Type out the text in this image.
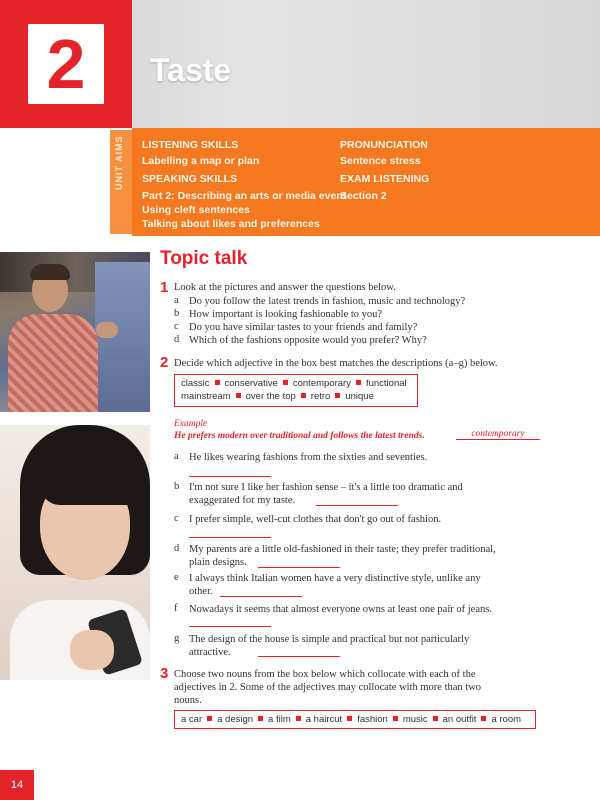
2	Taste
UNIT AIMS LISTENING SKILLS
Labelling a map or plan
SPEAKING SKILLS
Part 2: Describing an arts or media event
Using cleft sentences
Talking about likes and preferences
PRONUNCIATION
Sentence stress
EXAM LISTENING
Section 2
Topic talk
1 Look at the pictures and answer the questions below.
a Do you follow the latest trends in fashion, music and technology?
b How important is looking fashionable to you?
c Do you have similar tastes to your friends and family?
d Which of the fashions opposite would you prefer? Why?
2 Decide which adjective in the box best matches the descriptions (a–g) below.
classic conservative contemporary functional
mainstream over the top retro unique
Example
He prefers modern over traditional and follows the latest trends.	contemporary
a He likes wearing fashions from the sixties and seventies.
b I'm not sure I like her fashion sense – it's a little too dramatic and
exaggerated for my taste.
c I prefer simple, well-cut clothes that don't go out of fashion.
d My parents are a little old-fashioned in their taste; they prefer traditional,
plain designs.
e I always think Italian women have a very distinctive style, unlike any
other.
f Nowadays it seems that almost everyone owns at least one pair of jeans.
g The design of the house is simple and practical but not particularly
attractive.
3 Choose two nouns from the box below which collocate with each of the
adjectives in 2. Some of the adjectives may collocate with more than two
nouns.
a car a design a film a haircut fashion music an outfit a room
14
